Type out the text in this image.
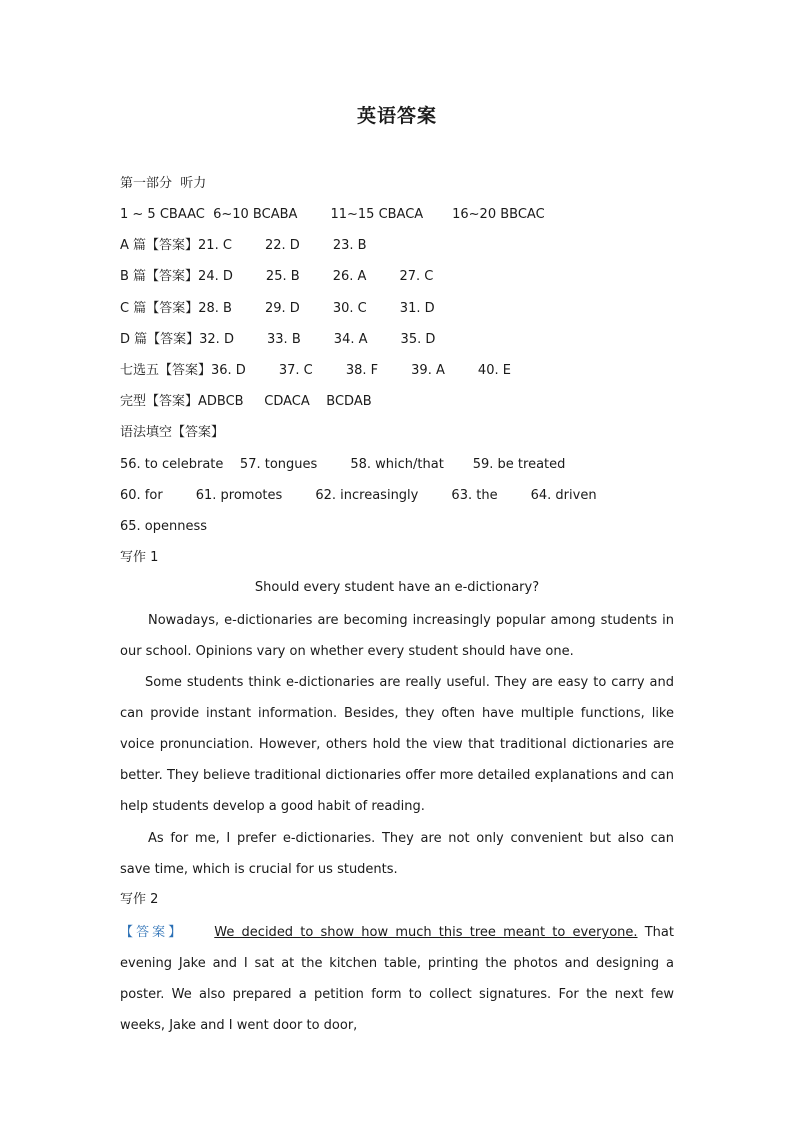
英语答案
第一部分  听力
1 ~ 5 CBAAC  6~10 BCABA        11~15 CBACA       16~20 BBCAC
A 篇【答案】21. C        22. D        23. B
B 篇【答案】24. D        25. B        26. A        27. C
C 篇【答案】28. B        29. D        30. C        31. D
D 篇【答案】32. D        33. B        34. A        35. D
七选五【答案】36. D        37. C        38. F        39. A        40. E
完型【答案】ADBCB     CDACA    BCDAB
语法填空【答案】
56. to celebrate    57. tongues        58. which/that       59. be treated
60. for        61. promotes        62. increasingly        63. the        64. driven
65. openness
写作 1
Should every student have an e-dictionary?
Nowadays, e-dictionaries are becoming increasingly popular among students in our school. Opinions vary on whether every student should have one.
Some students think e-dictionaries are really useful. They are easy to carry and can provide instant information. Besides, they often have multiple functions, like voice pronunciation. However, others hold the view that traditional dictionaries are better. They believe traditional dictionaries offer more detailed explanations and can help students develop a good habit of reading.
As for me, I prefer e-dictionaries. They are not only convenient but also can save time, which is crucial for us students.
写作 2
【答案】 We decided to show how much this tree meant to everyone. That evening Jake and I sat at the kitchen table, printing the photos and designing a poster. We also prepared a petition form to collect signatures. For the next few weeks, Jake and I went door to door,
